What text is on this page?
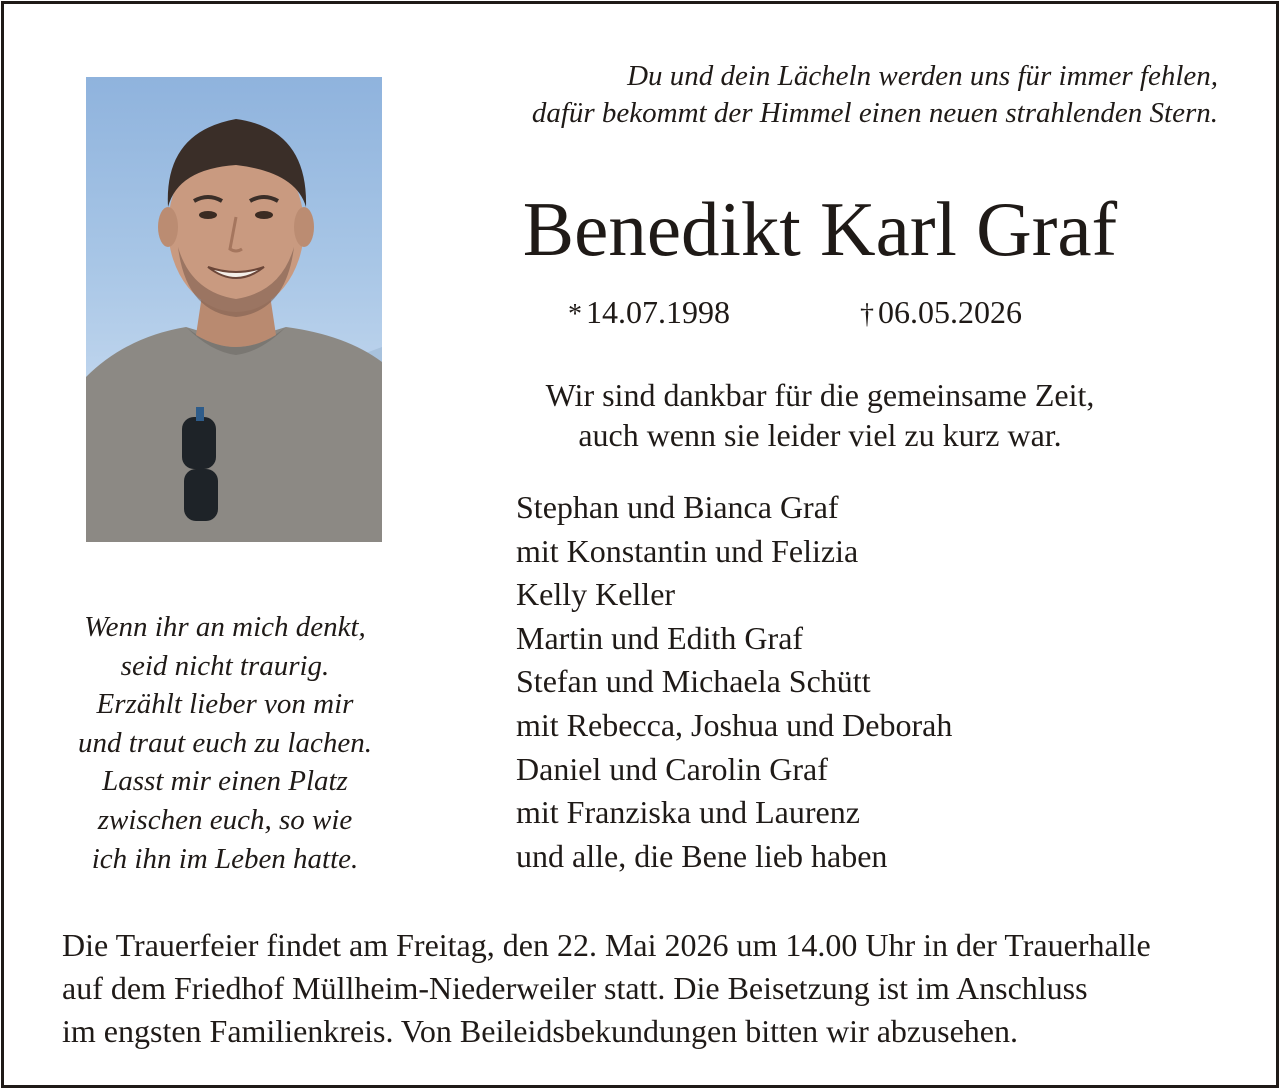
Du und dein Lächeln werden uns für immer fehlen,
dafür bekommt der Himmel einen neuen strahlenden Stern.
Benedikt Karl Graf
* 14.07.1998	† 06.05.2026
Wir sind dankbar für die gemeinsame Zeit,
auch wenn sie leider viel zu kurz war.
Stephan und Bianca Graf
mit Konstantin und Felizia
Kelly Keller
Martin und Edith Graf
Stefan und Michaela Schütt
mit Rebecca, Joshua und Deborah
Daniel und Carolin Graf
mit Franziska und Laurenz
und alle, die Bene lieb haben
Wenn ihr an mich denkt,
seid nicht traurig.
Erzählt lieber von mir
und traut euch zu lachen.
Lasst mir einen Platz
zwischen euch, so wie
ich ihn im Leben hatte.
Die Trauerfeier findet am Freitag, den 22. Mai 2026 um 14.00 Uhr in der Trauerhalle
auf dem Friedhof Müllheim-Niederweiler statt. Die Beisetzung ist im Anschluss
im engsten Familienkreis. Von Beileidsbekundungen bitten wir abzusehen.
